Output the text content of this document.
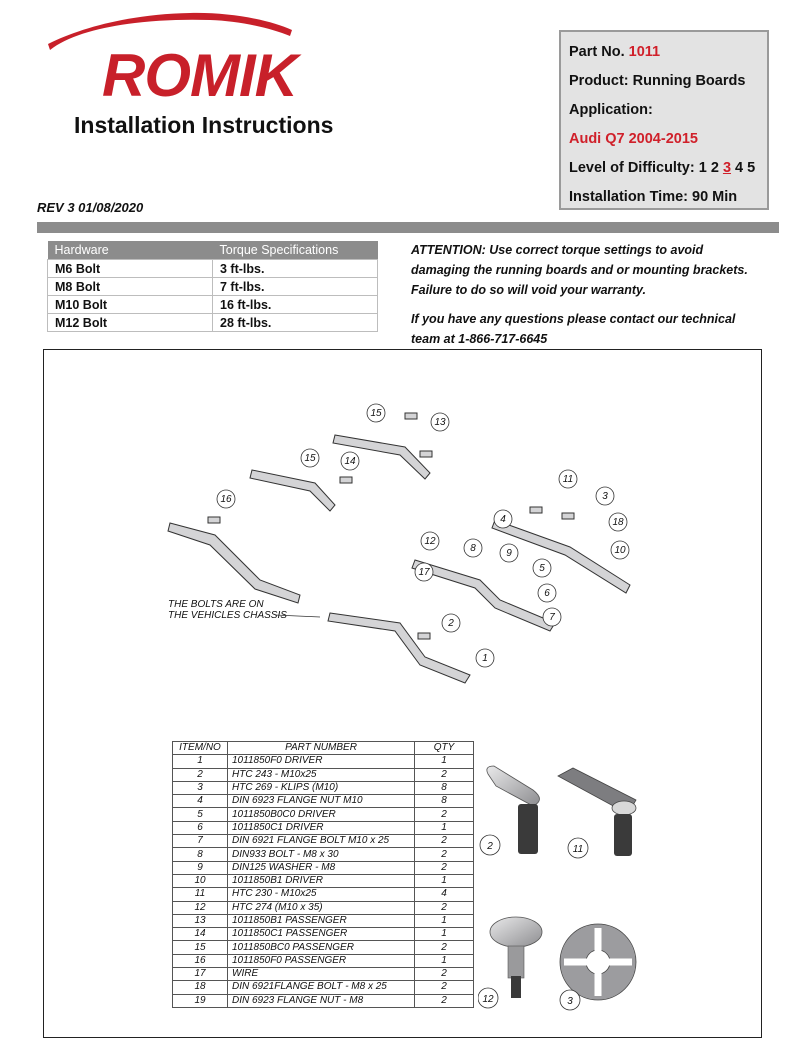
ROMIK
Installation Instructions
REV 3 01/08/2020
Part No. 1011
Product: Running Boards
Application:
Audi Q7 2004-2015
Level of Difficulty: 1 2 3 4 5
Installation Time: 90 Min
Hardware	Torque Specifications
M6 Bolt	3 ft-lbs.
M8 Bolt	7 ft-lbs.
M10 Bolt	16 ft-lbs.
M12 Bolt	28 ft-lbs.
ATTENTION: Use correct torque settings to avoid damaging the running boards and or mounting brackets. Failure to do so will void your warranty.
If you have any questions please contact our technical team at 1-866-717-6645
15
13
15	14
16
11
3
4	18
12
8	9	10
17	5
6
7
2
1
THE BOLTS ARE ON
THE VEHICLES CHASSIS
ITEM/NO	PART NUMBER	QTY
1	1011850F0 DRIVER	1
2	HTC 243 - M10x25	2
3	HTC 269 - KLIPS (M10)	8
4	DIN 6923 FLANGE NUT M10	8
5	1011850B0C0 DRIVER	2
6	1011850C1 DRIVER	1
7	DIN 6921 FLANGE BOLT M10 x 25	2
8	DIN933 BOLT - M8 x 30	2
9	DIN125 WASHER - M8	2
10	1011850B1 DRIVER	1
11	HTC 230 - M10x25	4
12	HTC 274 (M10 x 35)	2
13	1011850B1 PASSENGER	1
14	1011850C1 PASSENGER	1
15	1011850BC0 PASSENGER	2
16	1011850F0 PASSENGER	1
17	WIRE	2
18	DIN 6921FLANGE BOLT - M8 x 25	2
19	DIN 6923 FLANGE NUT - M8	2
2	11
12	3
